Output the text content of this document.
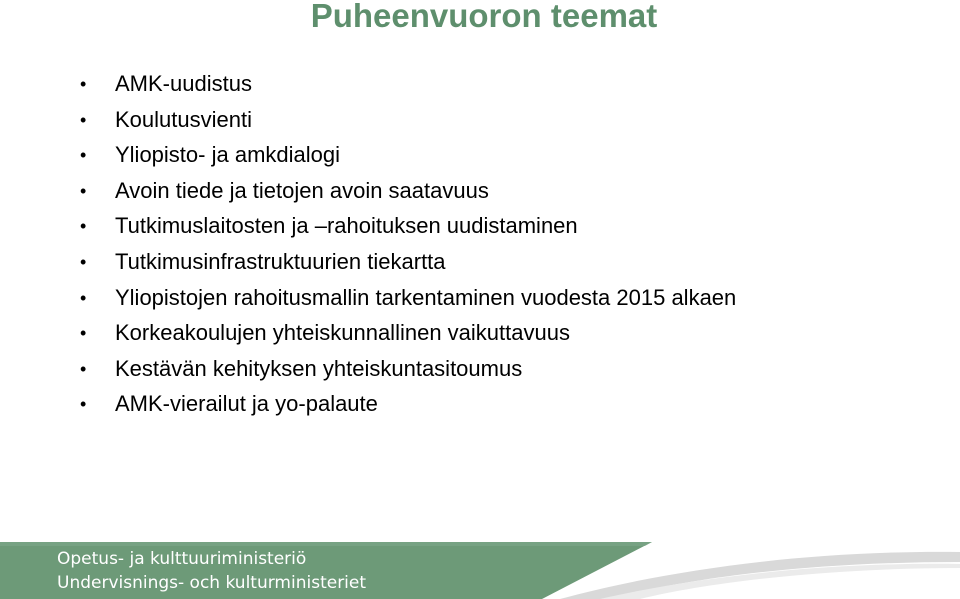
Puheenvuoron teemat
• AMK-uudistus
• Koulutusvienti
• Yliopisto- ja amkdialogi
• Avoin tiede ja tietojen avoin saatavuus
• Tutkimuslaitosten ja –rahoituksen uudistaminen
• Tutkimusinfrastruktuurien tiekartta
• Yliopistojen rahoitusmallin tarkentaminen vuodesta 2015 alkaen
• Korkeakoulujen yhteiskunnallinen vaikuttavuus
• Kestävän kehityksen yhteiskuntasitoumus
• AMK-vierailut ja yo-palaute
Opetus- ja kulttuuriministeriö
Undervisnings- och kulturministeriet
